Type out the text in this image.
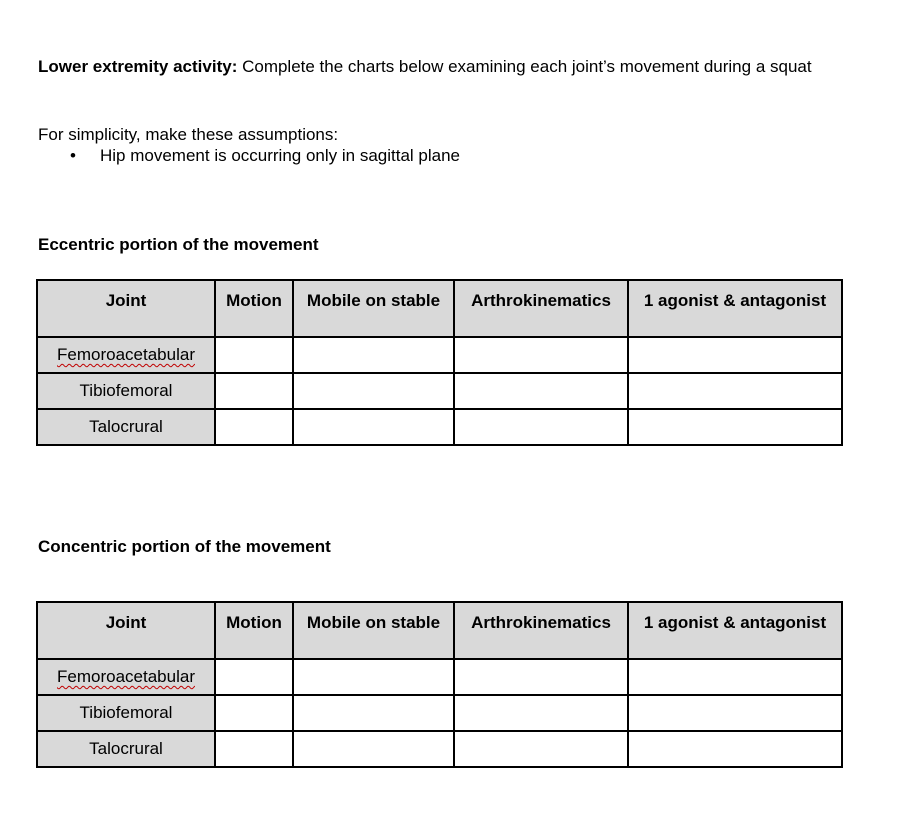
Lower extremity activity: Complete the charts below examining each joint’s movement during a squat
For simplicity, make these assumptions:
•	Hip movement is occurring only in sagittal plane
Eccentric portion of the movement
Joint	Motion	Mobile on stable	Arthrokinematics	1 agonist & antagonist
Femoroacetabular				
Tibiofemoral				
Talocrural				
Concentric portion of the movement
Joint	Motion	Mobile on stable	Arthrokinematics	1 agonist & antagonist
Femoroacetabular				
Tibiofemoral				
Talocrural				
